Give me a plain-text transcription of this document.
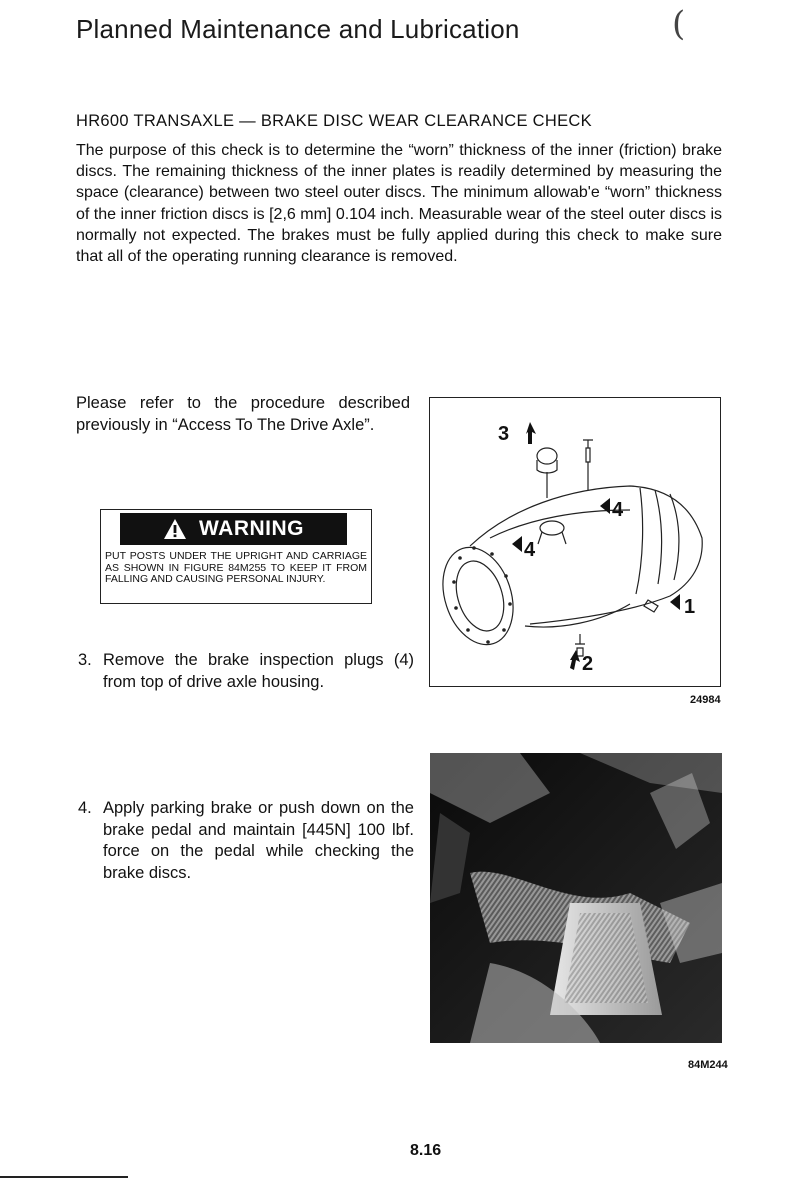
Planned Maintenance and Lubrication	(
HR600 TRANSAXLE — BRAKE DISC WEAR CLEARANCE CHECK
The purpose of this check is to determine the “worn” thickness of the inner (friction) brake discs. The remaining thickness of the inner plates is readily determined by measuring the space (clearance) between two steel outer discs. The minimum allowab'e “worn” thickness of the inner friction discs is [2,6 mm] 0.104 inch. Measurable wear of the steel outer discs is normally not expected. The brakes must be fully applied during this check to make sure that all of the operating running clearance is removed.
Please refer to the procedure described previously in “Access To The Drive Axle”.
WARNING
PUT POSTS UNDER THE UPRIGHT AND CARRIAGE AS SHOWN IN FIGURE 84M255 TO KEEP IT FROM FALLING AND CAUSING PERSONAL INJURY.
3. Remove the brake inspection plugs (4) from top of drive axle housing.
4. Apply parking brake or push down on the brake pedal and maintain [445N] 100 lbf. force on the pedal while checking the brake discs.
3
4
4
1
2
24984
84M244
8.16
